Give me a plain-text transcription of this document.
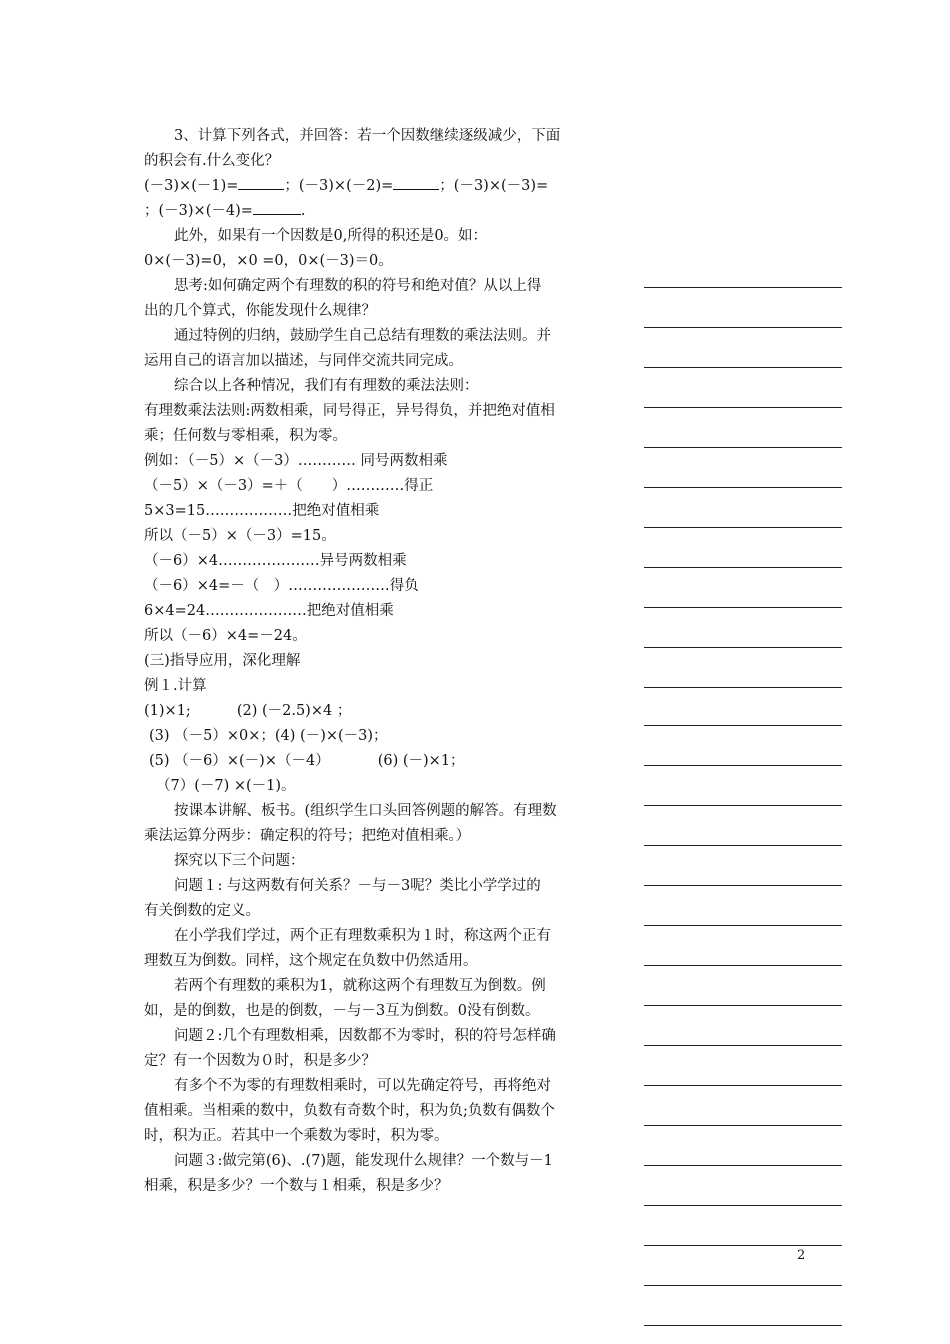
3、计算下列各式，并回答：若一个因数继续逐级减少，下面

的积会有.什么变化？

(－3)×(－1)=	；(－3)×(－2)=	；(－3)×(－3)=

；(－3)×(－4)=	.

此外，如果有一个因数是0,所得的积还是0。如：

0×(－3)=0，×0 =0，0×(－3)＝0。

思考:如何确定两个有理数的积的符号和绝对值？从以上得

出的几个算式，你能发现什么规律？

通过特例的归纳，鼓励学生自己总结有理数的乘法法则。并

运用自己的语言加以描述，与同伴交流共同完成。

综合以上各种情况，我们有有理数的乘法法则：

有理数乘法法则:两数相乘，同号得正，异号得负，并把绝对值相

乘；任何数与零相乘，积为零。

例如：（－5）×（－3）………… 同号两数相乘

（－5）×（－3）=＋（　　）…………得正

5×3=15………………把绝对值相乘

所以（－5）×（－3）=15。

（－6）×4…………………异号两数相乘

（－6）×4=－（　）…………………得负

6×4=24…………………把绝对值相乘

所以（－6）×4=－24。

(三)指导应用，深化理解

例１.计算

(1)×1;	(2) (－2.5)×4 ；

(3) （－5）×0×；(4) (－)×(－3)；

(5) （－6）×(－)×（－4）	(6) (－)×1；

（7）(－7) ×(－1)。

按课本讲解、板书。(组织学生口头回答例题的解答。有理数

乘法运算分两步：确定积的符号；把绝对值相乘。）

探究以下三个问题：

问题１: 与这两数有何关系？－与－3呢？类比小学学过的

有关倒数的定义。

在小学我们学过，两个正有理数乘积为１时，称这两个正有

理数互为倒数。同样，这个规定在负数中仍然适用。

若两个有理数的乘积为1，就称这两个有理数互为倒数。例

如，是的倒数，也是的倒数，－与－3互为倒数。0没有倒数。

问题２:几个有理数相乘，因数都不为零时，积的符号怎样确

定？有一个因数为０时，积是多少？

有多个不为零的有理数相乘时，可以先确定符号，再将绝对

值相乘。当相乘的数中，负数有奇数个时，积为负;负数有偶数个

时，积为正。若其中一个乘数为零时，积为零。

问题３:做完第(6)、.(7)题，能发现什么规律？一个数与－1

相乘，积是多少？一个数与１相乘，积是多少？

2
